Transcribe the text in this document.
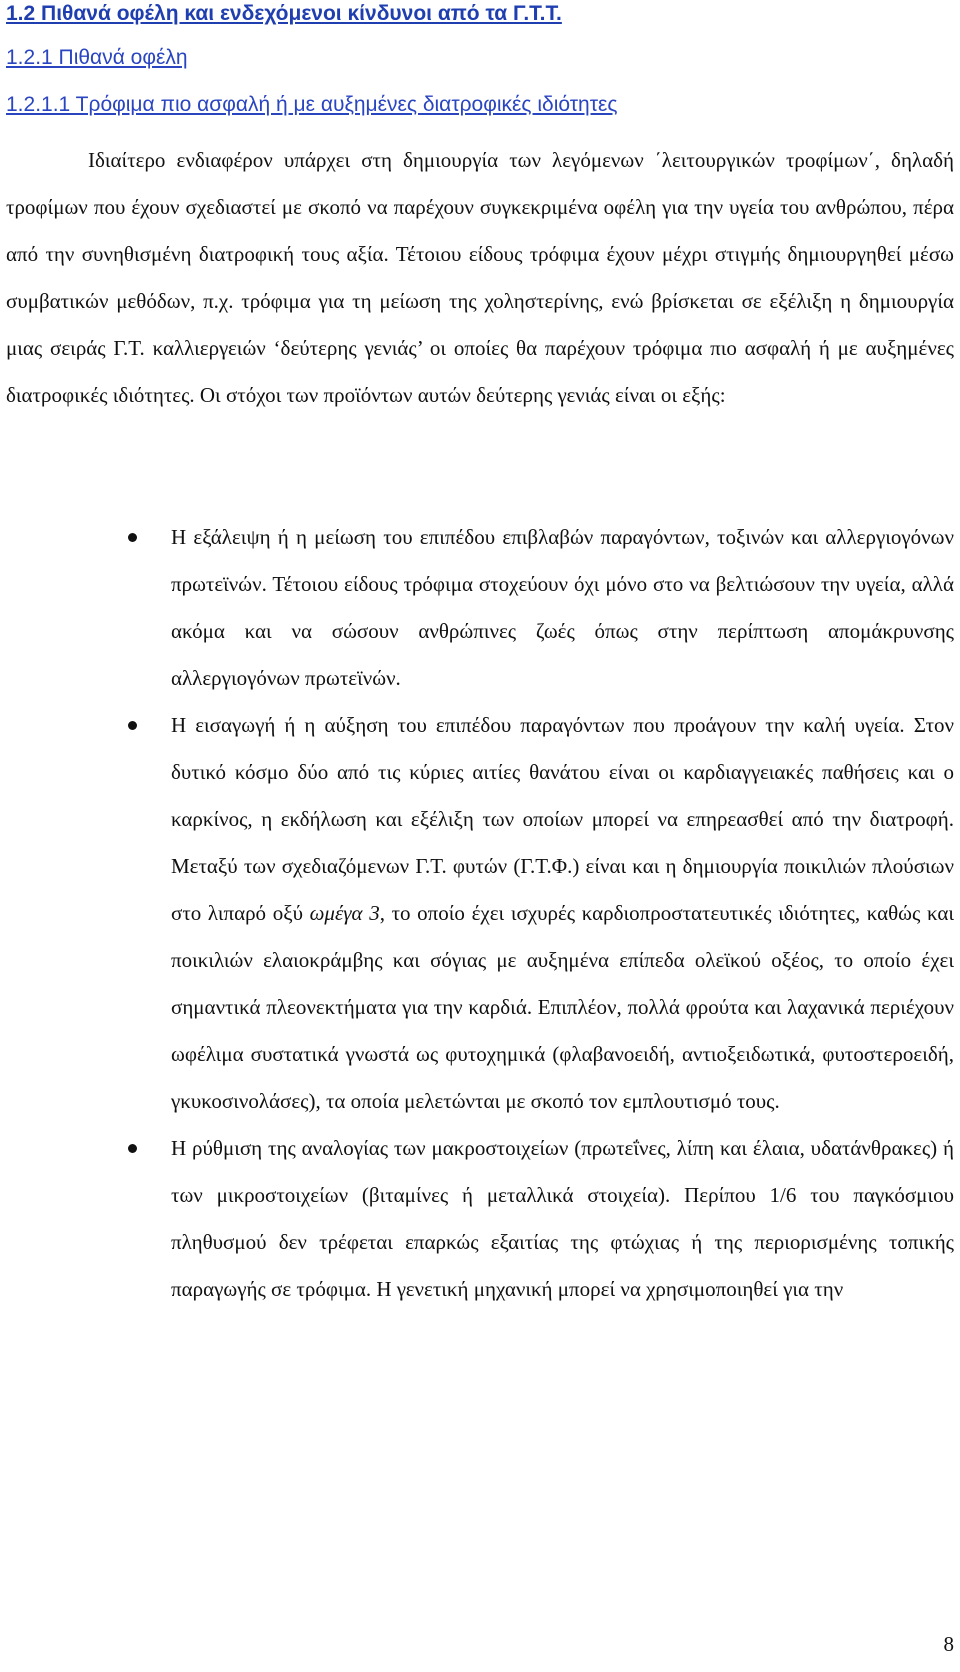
1.2 Πιθανά οφέλη και ενδεχόμενοι κίνδυνοι από τα Γ.Τ.Τ.
1.2.1 Πιθανά οφέλη
1.2.1.1 Τρόφιμα πιο ασφαλή ή με αυξημένες διατροφικές ιδιότητες

Ιδιαίτερο ενδιαφέρον υπάρχει στη δημιουργία των λεγόμενων ΄λειτουργικών τροφίμων΄, δηλαδή τροφίμων που έχουν σχεδιαστεί με σκοπό να παρέχουν συγκεκριμένα οφέλη για την υγεία του ανθρώπου, πέρα από την συνηθισμένη διατροφική τους αξία. Τέτοιου είδους τρόφιμα έχουν μέχρι στιγμής δημιουργηθεί μέσω συμβατικών μεθόδων, π.χ. τρόφιμα για τη μείωση της χοληστερίνης, ενώ βρίσκεται σε εξέλιξη η δημιουργία μιας σειράς Γ.Τ. καλλιεργειών ‘δεύτερης γενιάς’ οι οποίες θα παρέχουν τρόφιμα πιο ασφαλή ή με αυξημένες διατροφικές ιδιότητες. Οι στόχοι των προϊόντων αυτών δεύτερης γενιάς είναι οι εξής:

Η εξάλειψη ή η μείωση του επιπέδου επιβλαβών παραγόντων, τοξινών και αλλεργιογόνων πρωτεϊνών. Τέτοιου είδους τρόφιμα στοχεύουν όχι μόνο στο να βελτιώσουν την υγεία, αλλά ακόμα και να σώσουν ανθρώπινες ζωές όπως στην περίπτωση απομάκρυνσης αλλεργιογόνων πρωτεϊνών.
Η εισαγωγή ή η αύξηση του επιπέδου παραγόντων που προάγουν την καλή υγεία. Στον δυτικό κόσμο δύο από τις κύριες αιτίες θανάτου είναι οι καρδιαγγειακές παθήσεις και ο καρκίνος, η εκδήλωση και εξέλιξη των οποίων μπορεί να επηρεασθεί από την διατροφή. Μεταξύ των σχεδιαζόμενων Γ.Τ. φυτών (Γ.Τ.Φ.) είναι και η δημιουργία ποικιλιών πλούσιων στο λιπαρό οξύ ωμέγα 3, το οποίο έχει ισχυρές καρδιοπροστατευτικές ιδιότητες, καθώς και ποικιλιών ελαιοκράμβης και σόγιας με αυξημένα επίπεδα ολεϊκού οξέος, το οποίο έχει σημαντικά πλεονεκτήματα για την καρδιά. Επιπλέον, πολλά φρούτα και λαχανικά περιέχουν ωφέλιμα συστατικά γνωστά ως φυτοχημικά (φλαβανοειδή, αντιοξειδωτικά, φυτοστεροειδή, γκυκοσινολάσες), τα οποία μελετώνται με σκοπό τον εμπλουτισμό τους.
Η ρύθμιση της αναλογίας των μακροστοιχείων (πρωτεΐνες, λίπη και έλαια, υδατάνθρακες) ή των μικροστοιχείων (βιταμίνες ή μεταλλικά στοιχεία). Περίπου 1/6 του παγκόσμιου πληθυσμού δεν τρέφεται επαρκώς εξαιτίας της φτώχιας ή της περιορισμένης τοπικής παραγωγής σε τρόφιμα. Η γενετική μηχανική μπορεί να χρησιμοποιηθεί για την
8
